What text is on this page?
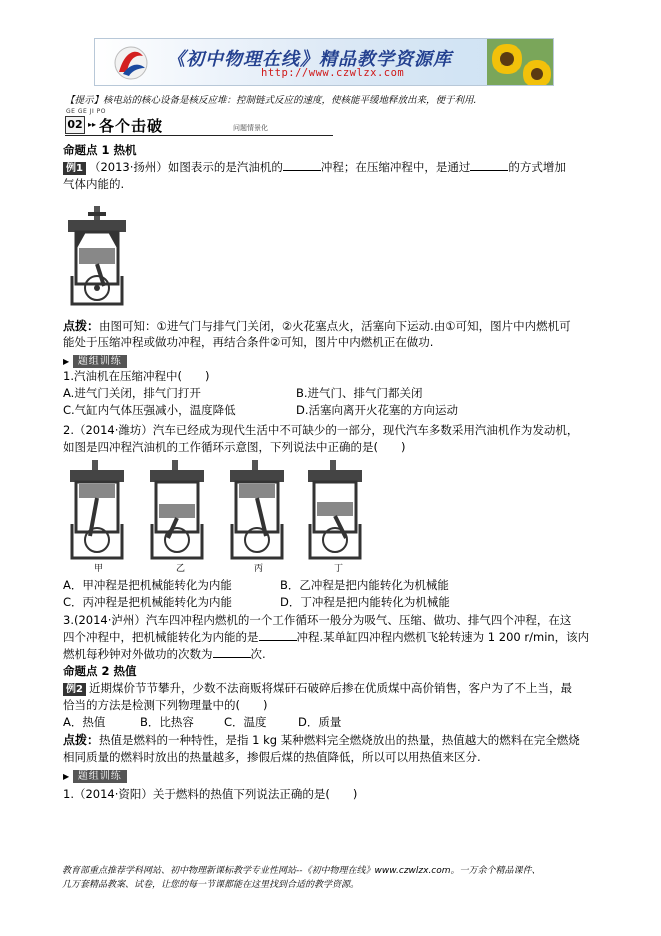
《初中物理在线》精品教学资源库
http://www.czwlzx.com
【提示】核电站的核心设备是核反应堆：控制链式反应的速度，使核能平缓地释放出来，便于利用.
GE GE JI PO
02 ▸▸ 各个击破	问题情景化
命题点 1 热机
例1 （2013·扬州）如图表示的是汽油机的	冲程；在压缩冲程中，是通过	的方式增加
气体内能的.
点拨：由图可知：①进气门与排气门关闭，②火花塞点火，活塞向下运动.由①可知，图片中内燃机可
能处于压缩冲程或做功冲程，再结合条件②可知，图片中内燃机正在做功.
▶ 题组训练
1.汽油机在压缩冲程中(　　)
A.进气门关闭，排气门打开	B.进气门、排气门都关闭
C.气缸内气体压强减小，温度降低	D.活塞向离开火花塞的方向运动
2.（2014·潍坊）汽车已经成为现代生活中不可缺少的一部分，现代汽车多数采用汽油机作为发动机，
如图是四冲程汽油机的工作循环示意图，下列说法中正确的是(　　)
甲	乙	丙	丁
A．甲冲程是把机械能转化为内能	B．乙冲程是把内能转化为机械能
C．丙冲程是把机械能转化为内能	D．丁冲程是把内能转化为机械能
3.(2014·泸州）汽车四冲程内燃机的一个工作循环一般分为吸气、压缩、做功、排气四个冲程，在这
四个冲程中，把机械能转化为内能的是	冲程.某单缸四冲程内燃机飞轮转速为 1 200 r/min，该内
燃机每秒钟对外做功的次数为	次.
命题点 2 热值
例2 近期煤价节节攀升，少数不法商贩将煤矸石破碎后掺在优质煤中高价销售，客户为了不上当，最
恰当的方法是检测下列物理量中的(　　)
A．热值	B．比热容	C．温度	D．质量
点拨：热值是燃料的一种特性，是指 1 kg 某种燃料完全燃烧放出的热量，热值越大的燃料在完全燃烧
相同质量的燃料时放出的热量越多，掺假后煤的热值降低，所以可以用热值来区分.
▶ 题组训练
1.（2014·资阳）关于燃料的热值下列说法正确的是(　　)
教育部重点推荐学科网站、初中物理新课标教学专业性网站--《初中物理在线》www.czwlzx.com。一万余个精品课件、
几万套精品教案、试卷，让您的每一节课都能在这里找到合适的教学资源。
